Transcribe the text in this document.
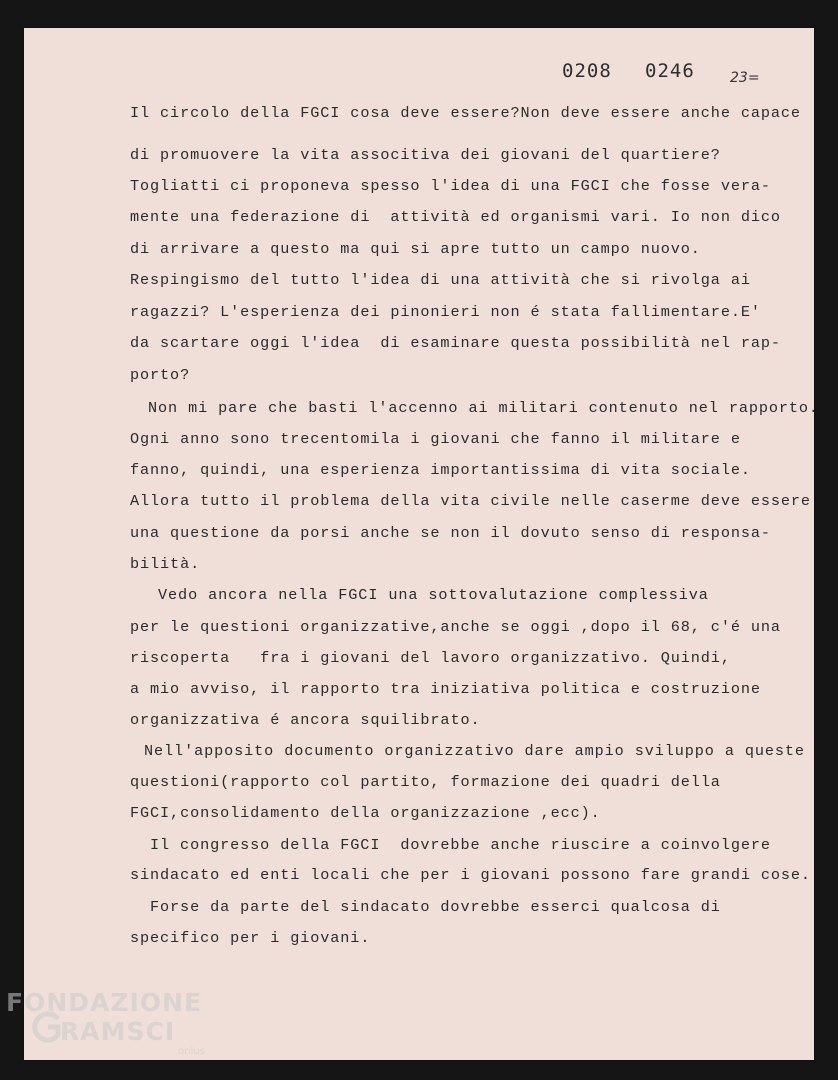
0208 0246	23=
Il circolo della FGCI cosa deve essere?Non deve essere anche capace
di promuovere la vita associtiva dei giovani del quartiere?
Togliatti ci proponeva spesso l'idea di una FGCI che fosse vera-
mente una federazione di  attività ed organismi vari. Io non dico
di arrivare a questo ma qui si apre tutto un campo nuovo.
Respingismo del tutto l'idea di una attività che si rivolga ai
ragazzi? L'esperienza dei pinonieri non é stata fallimentare.E'
da scartare oggi l'idea  di esaminare questa possibilità nel rap-
porto?
Non mi pare che basti l'accenno ai militari contenuto nel rapporto.
Ogni anno sono trecentomila i giovani che fanno il militare e
fanno, quindi, una esperienza importantissima di vita sociale.
Allora tutto il problema della vita civile nelle caserme deve essere
una questione da porsi anche se non il dovuto senso di responsa-
bilità.
Vedo ancora nella FGCI una sottovalutazione complessiva
per le questioni organizzative,anche se oggi ,dopo il 68, c'é una
riscoperta   fra i giovani del lavoro organizzativo. Quindi,
a mio avviso, il rapporto tra iniziativa politica e costruzione
organizzativa é ancora squilibrato.
Nell'apposito documento organizzativo dare ampio sviluppo a queste
questioni(rapporto col partito, formazione dei quadri della
FGCI,consolidamento della organizzazione ,ecc).
Il congresso della FGCI  dovrebbe anche riuscire a coinvolgere
sindacato ed enti locali che per i giovani possono fare grandi cose.
Forse da parte del sindacato dovrebbe esserci qualcosa di
specifico per i giovani.
FONDAZIONE
RAMSCI
onlus
